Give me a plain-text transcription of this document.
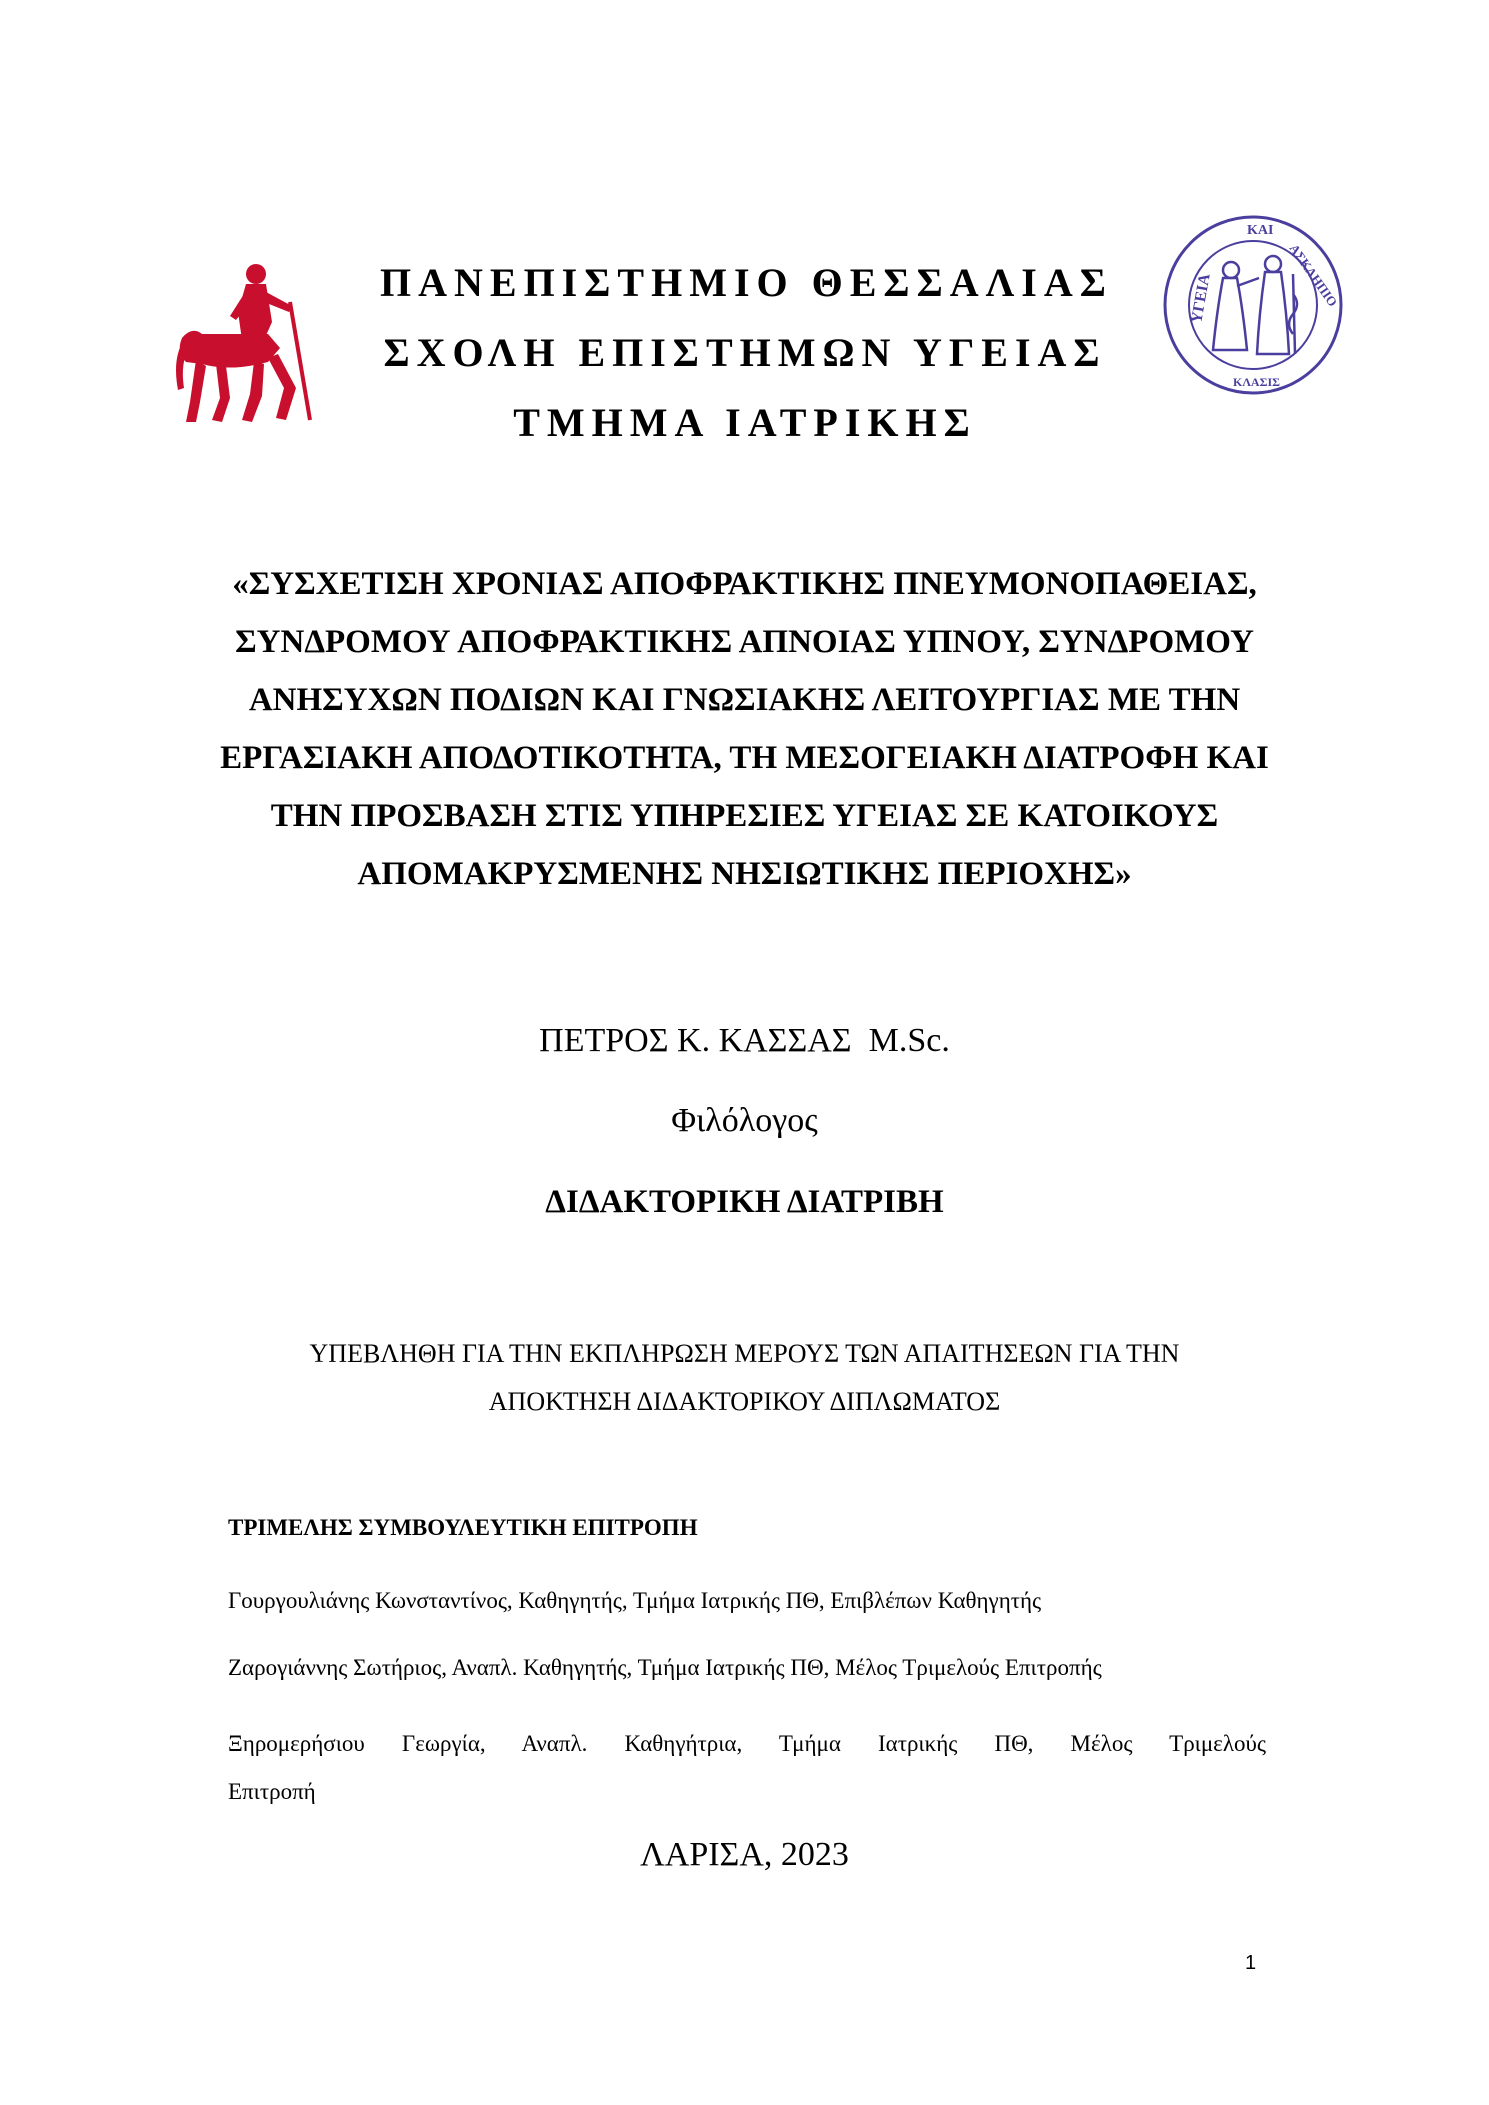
ΥΓΕΙΑ
ΚΑΙ
ΑΣΚΛΗΠΙΟ
ΚΛΑΣΙΣ
ΠΑΝΕΠΙΣΤΗΜΙΟ ΘΕΣΣΑΛΙΑΣ
ΣΧΟΛΗ ΕΠΙΣΤΗΜΩΝ ΥΓΕΙΑΣ
ΤΜΗΜΑ ΙΑΤΡΙΚΗΣ
«ΣΥΣΧΕΤΙΣΗ ΧΡΟΝΙΑΣ ΑΠΟΦΡΑΚΤΙΚΗΣ ΠΝΕΥΜΟΝΟΠΑΘΕΙΑΣ,
ΣΥΝΔΡΟΜΟΥ ΑΠΟΦΡΑΚΤΙΚΗΣ ΑΠΝΟΙΑΣ ΥΠΝΟΥ, ΣΥΝΔΡΟΜΟΥ
ΑΝΗΣΥΧΩΝ ΠΟΔΙΩΝ ΚΑΙ ΓΝΩΣΙΑΚΗΣ ΛΕΙΤΟΥΡΓΙΑΣ ΜΕ ΤΗΝ
ΕΡΓΑΣΙΑΚΗ ΑΠΟΔΟΤΙΚΟΤΗΤΑ, ΤΗ ΜΕΣΟΓΕΙΑΚΗ ΔΙΑΤΡΟΦΗ ΚΑΙ
ΤΗΝ ΠΡΟΣΒΑΣΗ ΣΤΙΣ ΥΠΗΡΕΣΙΕΣ ΥΓΕΙΑΣ ΣΕ ΚΑΤΟΙΚΟΥΣ
ΑΠΟΜΑΚΡΥΣΜΕΝΗΣ ΝΗΣΙΩΤΙΚΗΣ ΠΕΡΙΟΧΗΣ»
ΠΕΤΡΟΣ Κ. ΚΑΣΣΑΣ  M.Sc.
Φιλόλογος
ΔΙΔΑΚΤΟΡΙΚΗ ΔΙΑΤΡΙΒΗ
ΥΠΕΒΛΗΘΗ ΓΙΑ ΤΗΝ ΕΚΠΛΗΡΩΣΗ ΜΕΡΟΥΣ ΤΩΝ ΑΠΑΙΤΗΣΕΩΝ ΓΙΑ ΤΗΝ
ΑΠΟΚΤΗΣΗ ΔΙΔΑΚΤΟΡΙΚΟΥ ΔΙΠΛΩΜΑΤΟΣ
ΤΡΙΜΕΛΗΣ ΣΥΜΒΟΥΛΕΥΤΙΚΗ ΕΠΙΤΡΟΠΗ
Γουργουλιάνης Κωνσταντίνος, Καθηγητής, Τμήμα Ιατρικής ΠΘ, Επιβλέπων Καθηγητής
Ζαρογιάννης Σωτήριος, Αναπλ. Καθηγητής, Τμήμα Ιατρικής ΠΘ, Μέλος Τριμελούς Επιτροπής
Ξηρομερήσιου Γεωργία, Αναπλ. Καθηγήτρια, Τμήμα Ιατρικής ΠΘ, Μέλος Τριμελούς
Επιτροπή
ΛΑΡΙΣΑ, 2023
1
